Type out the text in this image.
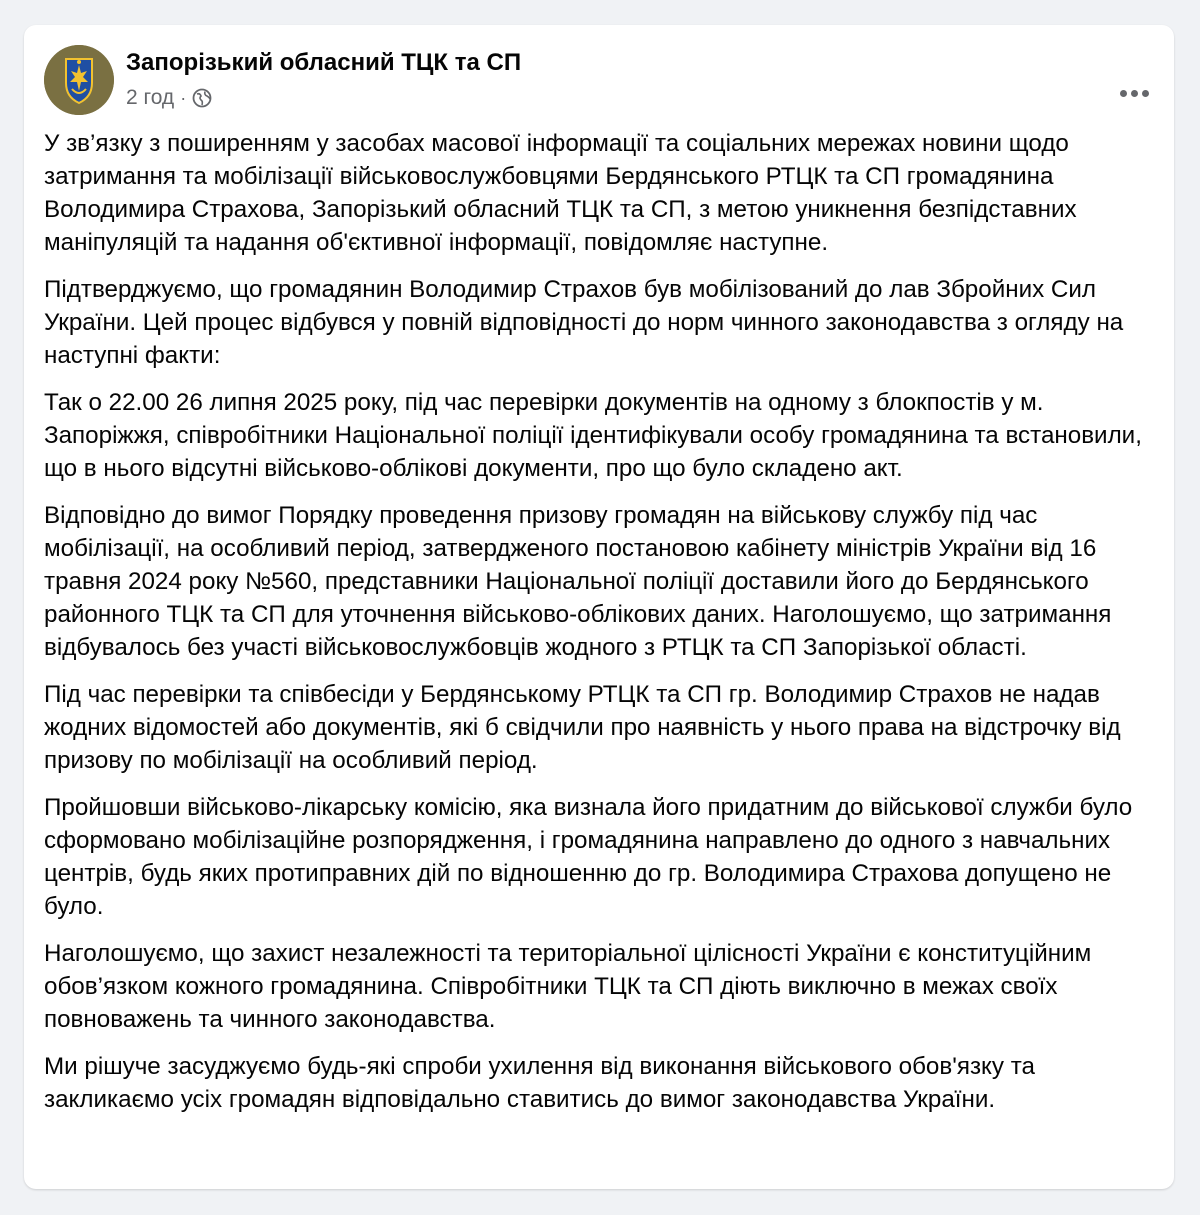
Запорізький обласний ТЦК та СП
2 год ·

У зв’язку з поширенням у засобах масової інформації та соціальних мережах новини щодо затримання та мобілізації військовослужбовцями Бердянського РТЦК та СП громадянина Володимира Страхова, Запорізький обласний ТЦК та СП, з метою уникнення безпідставних маніпуляцій та надання об'єктивної інформації, повідомляє наступне.

Підтверджуємо, що громадянин Володимир Страхов був мобілізований до лав Збройних Сил України. Цей процес відбувся у повній відповідності до норм чинного законодавства з огляду на наступні факти:

Так о 22.00 26 липня 2025 року, під час перевірки документів на одному з блокпостів у м. Запоріжжя, співробітники Національної поліції ідентифікували особу громадянина та встановили, що в нього відсутні військово-облікові документи, про що було складено акт.

Відповідно до вимог Порядку проведення призову громадян на військову службу під час мобілізації, на особливий період, затвердженого постановою кабінету міністрів України від 16 травня 2024 року №560, представники Національної поліції доставили його до Бердянського районного ТЦК та СП для уточнення військово-облікових даних. Наголошуємо, що затримання відбувалось без участі військовослужбовців жодного з РТЦК та СП Запорізької області.

Під час перевірки та співбесіди у Бердянському РТЦК та СП гр. Володимир Страхов не надав жодних відомостей або документів, які б свідчили про наявність у нього права на відстрочку від призову по мобілізації на особливий період.

Пройшовши військово-лікарську комісію, яка визнала його придатним до військової служби було сформовано мобілізаційне розпорядження, і громадянина направлено до одного з навчальних центрів, будь яких протиправних дій по відношенню до гр. Володимира Страхова допущено не було.

Наголошуємо, що захист незалежності та територіальної цілісності України є конституційним обов’язком кожного громадянина. Співробітники ТЦК та СП діють виключно в межах своїх повноважень та чинного законодавства.

Ми рішуче засуджуємо будь-які спроби ухилення від виконання військового обов'язку та закликаємо усіх громадян відповідально ставитись до вимог законодавства України.
